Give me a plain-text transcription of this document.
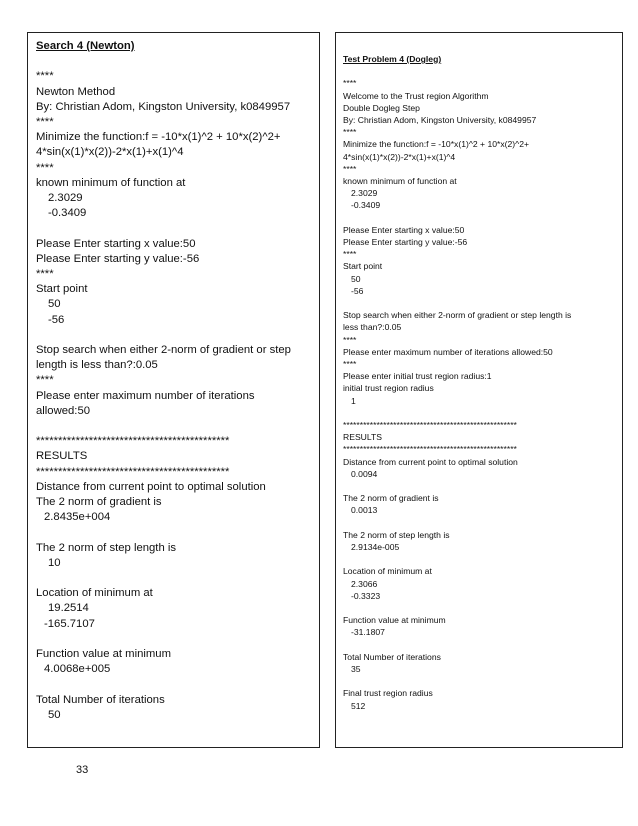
Search 4 (Newton)

****

Newton Method

By: Christian Adom, Kingston University, k0849957

****

Minimize the function:f = -10*x(1)^2 + 10*x(2)^2+

4*sin(x(1)*x(2))-2*x(1)+x(1)^4

****

known minimum of function at

2.3029

-0.3409

Please Enter starting x value:50

Please Enter starting y value:-56

****

Start point

50

-56

Stop search when either 2-norm of gradient or step

length is less than?:0.05

****

Please enter maximum number of iterations

allowed:50

********************************************

RESULTS

********************************************

Distance from current point to optimal solution

The 2 norm of gradient is

2.8435e+004

The 2 norm of step length is

10

Location of minimum at

19.2514

-165.7107

Function value at minimum

4.0068e+005

Total Number of iterations

50

Test Problem 4 (Dogleg)

****

Welcome to the Trust region Algorithm

Double Dogleg Step

By: Christian Adom, Kingston University, k0849957

****

Minimize the function:f = -10*x(1)^2 + 10*x(2)^2+

4*sin(x(1)*x(2))-2*x(1)+x(1)^4

****

known minimum of function at

2.3029

-0.3409

Please Enter starting x value:50

Please Enter starting y value:-56

****

Start point

50

-56

Stop search when either 2-norm of gradient or step length is

less than?:0.05

****

Please enter maximum number of iterations allowed:50

****

Please enter initial trust region radius:1

initial trust region radius

1

****************************************************

RESULTS

****************************************************

Distance from current point to optimal solution

0.0094

The 2 norm of gradient is

0.0013

The 2 norm of step length is

2.9134e-005

Location of minimum at

2.3066

-0.3323

Function value at minimum

-31.1807

Total Number of iterations

35

Final trust region radius

512

33
